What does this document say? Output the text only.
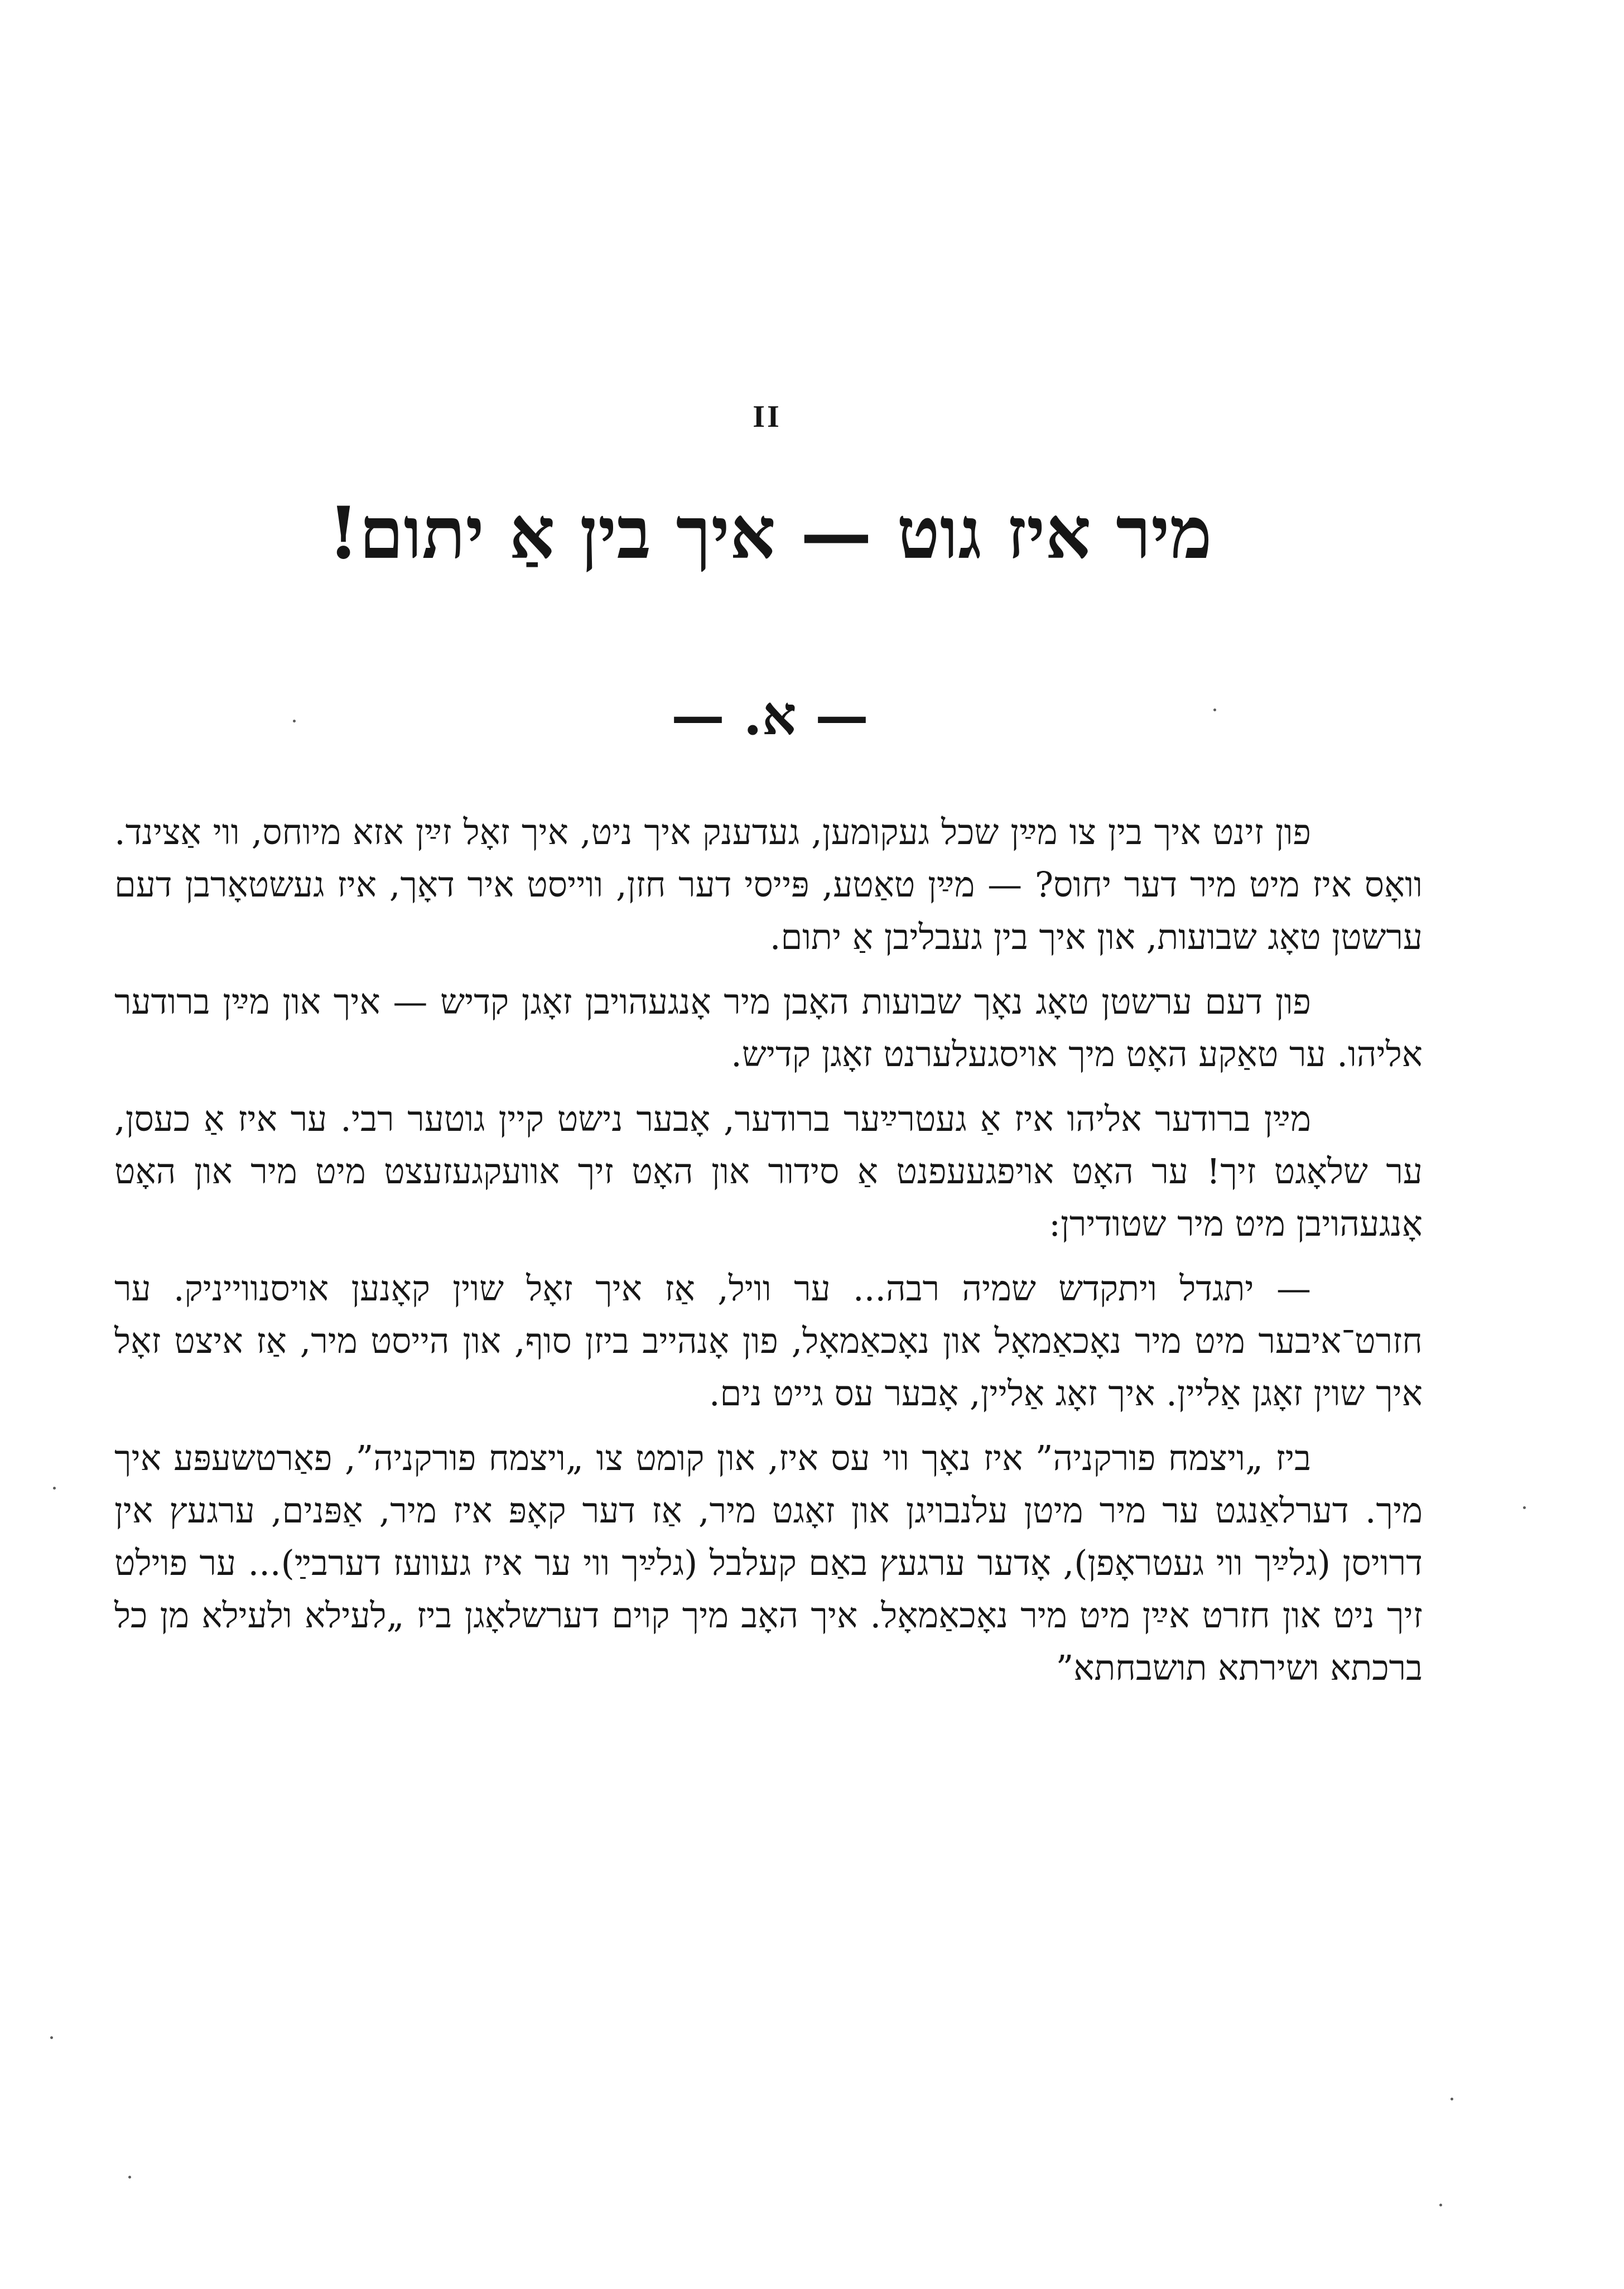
II
מיר איז גוט — איך בין אַ יתום!
— א. —

פון זינט איך בין צו מײַן שכל געקומען, געדענק איך ניט, איך זאָל זײַן אזא מיוחס, ווי אַצינד. וואָס איז מיט מיר דער יחוס? — מײַן טאַטע, פּייסי דער חזן, ווייסט איר דאָך, איז געשטאָרבן דעם ערשטן טאָג שבועות, און איך בין געבליבן אַ יתום.

פון דעם ערשטן טאָג נאָך שבועות האָבן מיר אָנגעהויבן זאָגן קדיש — איך און מײַן ברודער אליהו. ער טאַקע האָט מיך אויסגעלערנט זאָגן קדיש.

מײַן ברודער אליהו איז אַ געטרײַער ברודער, אָבער נישט קיין גוטער רבי. ער איז אַ כעסן, ער שלאָגט זיך! ער האָט אויפגעעפנט אַ סידור און האָט זיך אוועקגעזעצט מיט מיר און האָט אָנגעהויבן מיט מיר שטודירן:

— יתגדל ויתקדש שמיה רבה... ער וויל, אַז איך זאָל שוין קאָנען אויסנווייניק. ער חזרט־איבער מיט מיר נאָכאַמאָל און נאָכאַמאָל, פון אָנהייב ביזן סוף, און הייסט מיר, אַז איצט זאָל איך שוין זאָגן אַליין. איך זאָג אַליין, אָבער עס גייט נים.

ביז „ויצמח פורקניה” איז נאָך ווי עס איז, און קומט צו „ויצמח פורקניה”, פאַרטשעפּע איך מיך. דערלאַנגט ער מיר מיטן עלנבויגן און זאָגט מיר, אַז דער קאָפּ איז מיר, אַפּנים, ערגעץ אין דרויסן (גלײַך ווי געטראָפן), אָדער ערגעץ באַם קעלבל (גלײַך ווי ער איז געוועז דערבײַ)... ער פוילט זיך ניט און חזרט אײַן מיט מיר נאָכאַמאָל. איך האָב מיך קוים דערשלאָגן ביז „לעילא ולעילא מן כל ברכתא ושירתא תושבחתא”
